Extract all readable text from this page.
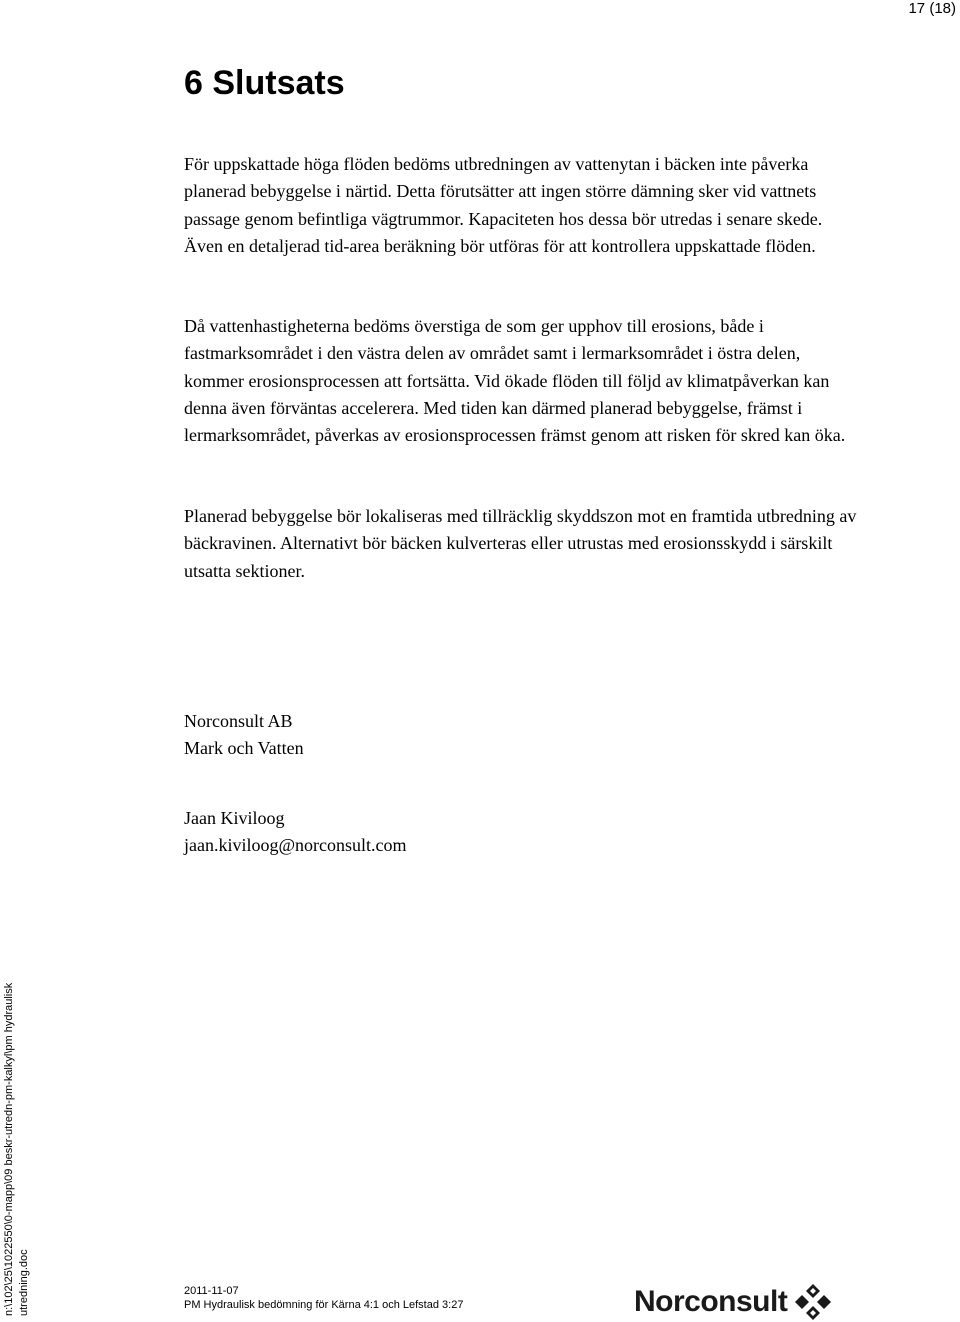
17 (18)
6 Slutsats

För uppskattade höga flöden bedöms utbredningen av vattenytan i bäcken inte påverka planerad bebyggelse i närtid. Detta förutsätter att ingen större dämning sker vid vattnets passage genom befintliga vägtrummor. Kapaciteten hos dessa bör utredas i senare skede. Även en detaljerad tid-area beräkning bör utföras för att kontrollera uppskattade flöden.

Då vattenhastigheterna bedöms överstiga de som ger upphov till erosions, både i fastmarksområdet i den västra delen av området samt i lermarksområdet i östra delen, kommer erosionsprocessen att fortsätta. Vid ökade flöden till följd av klimatpåverkan kan denna även förväntas accelerera. Med tiden kan därmed planerad bebyggelse, främst i lermarksområdet, påverkas av erosionsprocessen främst genom att risken för skred kan öka.

Planerad bebyggelse bör lokaliseras med tillräcklig skyddszon mot en framtida utbredning av bäckravinen. Alternativt bör bäcken kulverteras eller utrustas med erosionsskydd i särskilt utsatta sektioner.

Norconsult AB
Mark och Vatten
Jaan Kiviloog
jaan.kiviloog@norconsult.com
n:\102\25\1022550\0-mapp\09 beskr-utredn-pm-kalkyl\pm hydraulisk utredning.doc	2011-11-07
PM Hydraulisk bedömning för Kärna 4:1 och Lefstad 3:27	Norconsult
